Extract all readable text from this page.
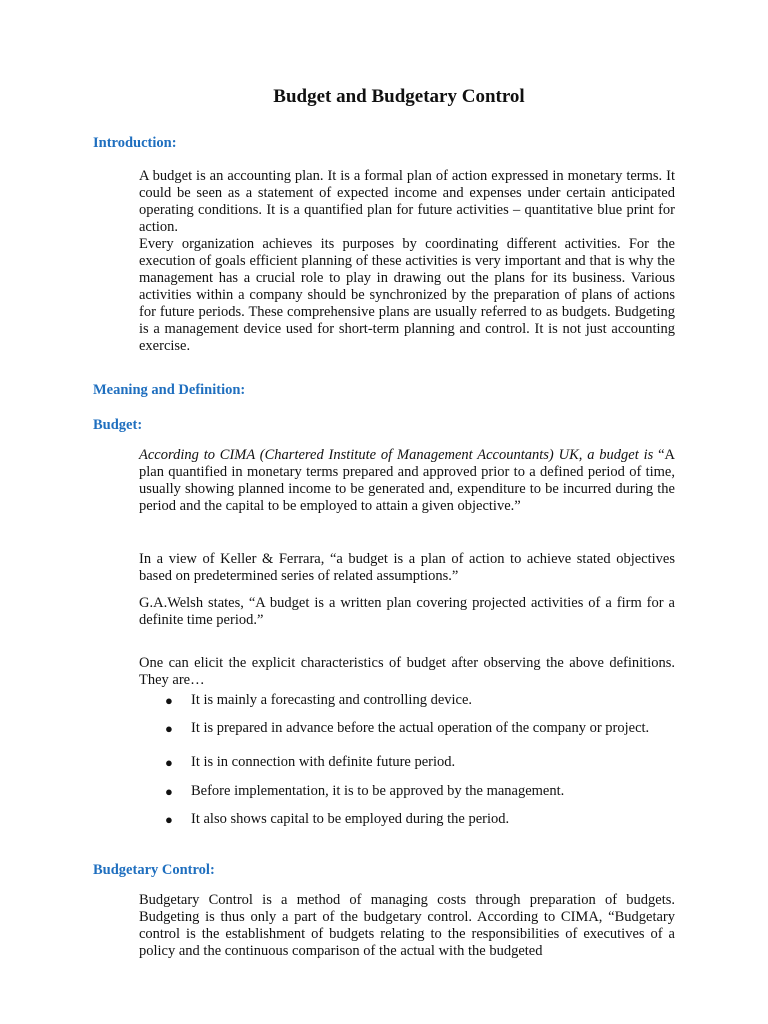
Budget and Budgetary Control
Introduction:

A budget is an accounting plan. It is a formal plan of action expressed in monetary terms. It could be seen as a statement of expected income and expenses under certain anticipated operating conditions. It is a quantified plan for future activities – quantitative blue print for action.

Every organization achieves its purposes by coordinating different activities. For the execution of goals efficient planning of these activities is very important and that is why the management has a crucial role to play in drawing out the plans for its business. Various activities within a company should be synchronized by the preparation of plans of actions for future periods. These comprehensive plans are usually referred to as budgets. Budgeting is a management device used for short-term planning and control. It is not just accounting exercise.

Meaning and Definition:
Budget:

According to CIMA (Chartered Institute of Management Accountants) UK, a budget is “A plan quantified in monetary terms prepared and approved prior to a defined period of time, usually showing planned income to be generated and, expenditure to be incurred during the period and the capital to be employed to attain a given objective.”

In a view of Keller & Ferrara, “a budget is a plan of action to achieve stated objectives based on predetermined series of related assumptions.”

G.A.Welsh states, “A budget is a written plan covering projected activities of a firm for a definite time period.”

One can elicit the explicit characteristics of budget after observing the above definitions. They are…

● It is mainly a forecasting and controlling device.
● It is prepared in advance before the actual operation of the company or project.
● It is in connection with definite future period.
● Before implementation, it is to be approved by the management.
● It also shows capital to be employed during the period.
Budgetary Control:

Budgetary Control is a method of managing costs through preparation of budgets. Budgeting is thus only a part of the budgetary control. According to CIMA, “Budgetary control is the establishment of budgets relating to the responsibilities of executives of a policy and the continuous comparison of the actual with the budgeted
